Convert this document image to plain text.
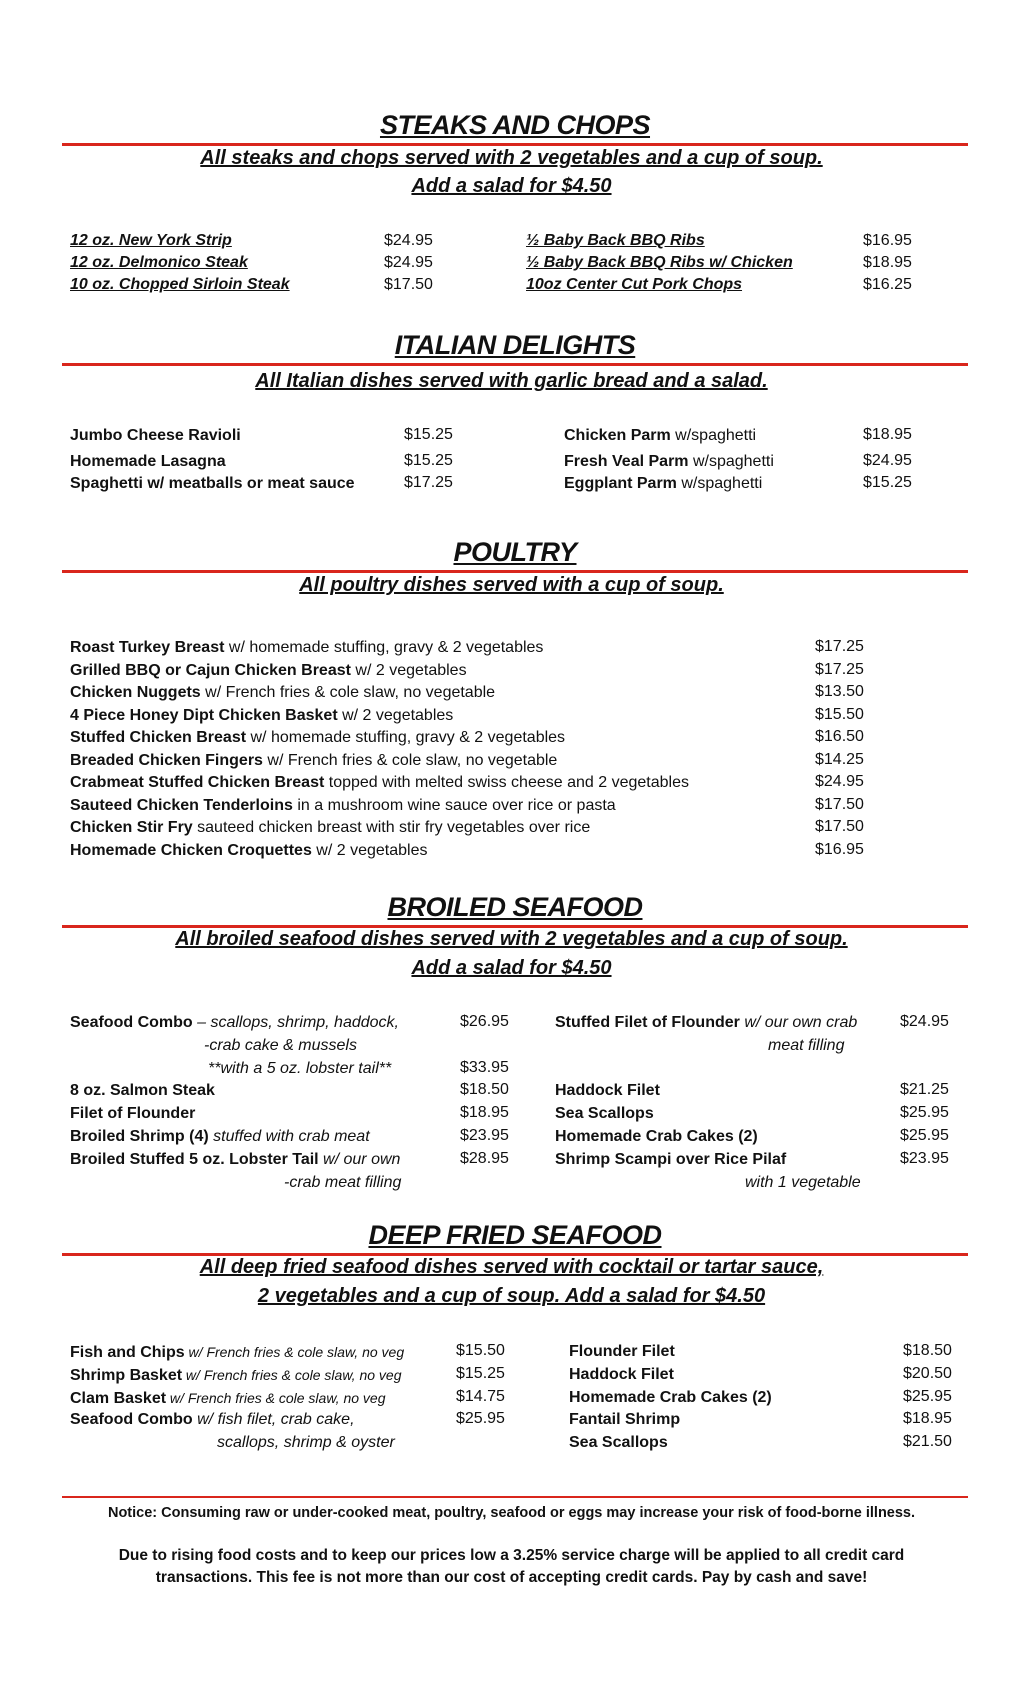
STEAKS AND CHOPS
All steaks and chops served with 2 vegetables and a cup of soup.
Add a salad for $4.50
12 oz. New York Strip	$24.95
12 oz. Delmonico Steak	$24.95
10 oz. Chopped Sirloin Steak	$17.50
½ Baby Back BBQ Ribs	$16.95
½ Baby Back BBQ Ribs w/ Chicken	$18.95
10oz Center Cut Pork Chops	$16.25
ITALIAN DELIGHTS
All Italian dishes served with garlic bread and a salad.
Jumbo Cheese Ravioli	$15.25
Homemade Lasagna	$15.25
Spaghetti w/ meatballs or meat sauce	$17.25
Chicken Parm w/spaghetti	$18.95
Fresh Veal Parm w/spaghetti	$24.95
Eggplant Parm w/spaghetti	$15.25
POULTRY
All poultry dishes served with a cup of soup.
Roast Turkey Breast w/ homemade stuffing, gravy & 2 vegetables	$17.25
Grilled BBQ or Cajun Chicken Breast w/ 2 vegetables	$17.25
Chicken Nuggets w/ French fries & cole slaw, no vegetable	$13.50
4 Piece Honey Dipt Chicken Basket w/ 2 vegetables	$15.50
Stuffed Chicken Breast w/ homemade stuffing, gravy & 2 vegetables	$16.50
Breaded Chicken Fingers w/ French fries & cole slaw, no vegetable	$14.25
Crabmeat Stuffed Chicken Breast topped with melted swiss cheese and 2 vegetables	$24.95
Sauteed Chicken Tenderloins in a mushroom wine sauce over rice or pasta	$17.50
Chicken Stir Fry sauteed chicken breast with stir fry vegetables over rice	$17.50
Homemade Chicken Croquettes w/ 2 vegetables	$16.95
BROILED SEAFOOD
All broiled seafood dishes served with 2 vegetables and a cup of soup.
Add a salad for $4.50
Seafood Combo – scallops, shrimp, haddock,	$26.95
-crab cake & mussels
**with a 5 oz. lobster tail**	$33.95
8 oz. Salmon Steak	$18.50
Filet of Flounder	$18.95
Broiled Shrimp (4) stuffed with crab meat	$23.95
Broiled Stuffed 5 oz. Lobster Tail w/ our own	$28.95
-crab meat filling
Stuffed Filet of Flounder w/ our own crab	$24.95
meat filling
Haddock Filet	$21.25
Sea Scallops	$25.95
Homemade Crab Cakes (2)	$25.95
Shrimp Scampi over Rice Pilaf	$23.95
with 1 vegetable
DEEP FRIED SEAFOOD
All deep fried seafood dishes served with cocktail or tartar sauce,
2 vegetables and a cup of soup. Add a salad for $4.50
Fish and Chips w/ French fries & cole slaw, no veg	$15.50
Shrimp Basket w/ French fries & cole slaw, no veg	$15.25
Clam Basket w/ French fries & cole slaw, no veg	$14.75
Seafood Combo w/ fish filet, crab cake,	$25.95
scallops, shrimp & oyster
Flounder Filet	$18.50
Haddock Filet	$20.50
Homemade Crab Cakes (2)	$25.95
Fantail Shrimp	$18.95
Sea Scallops	$21.50
Notice: Consuming raw or under-cooked meat, poultry, seafood or eggs may increase your risk of food-borne illness.
Due to rising food costs and to keep our prices low a 3.25% service charge will be applied to all credit card
transactions. This fee is not more than our cost of accepting credit cards. Pay by cash and save!
